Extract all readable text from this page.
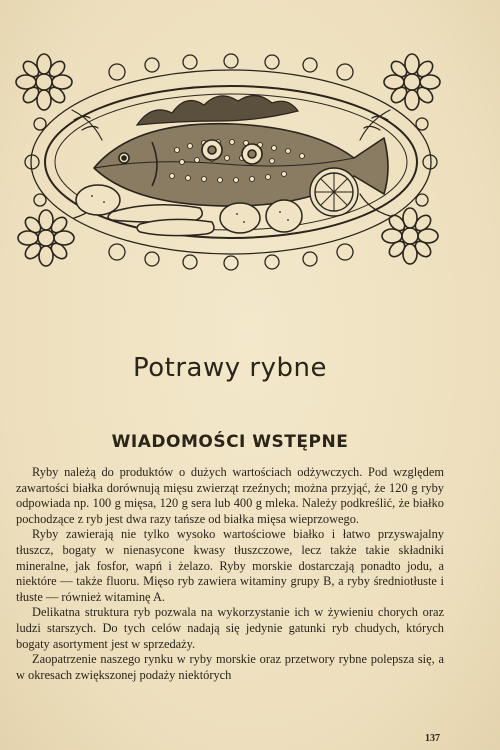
Potrawy rybne
WIADOMOŚCI WSTĘPNE

Ryby należą do produktów o dużych wartościach odżywczych. Pod względem zawartości białka dorównują mięsu zwierząt rzeźnych; można przyjąć, że 120 g ryby odpowiada np. 100 g mięsa, 120 g sera lub 400 g mleka. Należy podkreślić, że białko pochodzące z ryb jest dwa razy tańsze od białka mięsa wieprzowego.

Ryby zawierają nie tylko wysoko wartościowe białko i łatwo przyswajalny tłuszcz, bogaty w nienasycone kwasy tłuszczowe, lecz także takie składniki mineralne, jak fosfor, wapń i żelazo. Ryby morskie dostarczają ponadto jodu, a niektóre — także fluoru. Mięso ryb zawiera witaminy grupy B, a ryby średniotłuste i tłuste — również witaminę A.

Delikatna struktura ryb pozwala na wykorzystanie ich w żywieniu chorych oraz ludzi starszych. Do tych celów nadają się jedynie gatunki ryb chudych, których bogaty asortyment jest w sprzedaży.

Zaopatrzenie naszego rynku w ryby morskie oraz przetwory rybne polepsza się, a w okresach zwiększonej podaży niektórych

137
